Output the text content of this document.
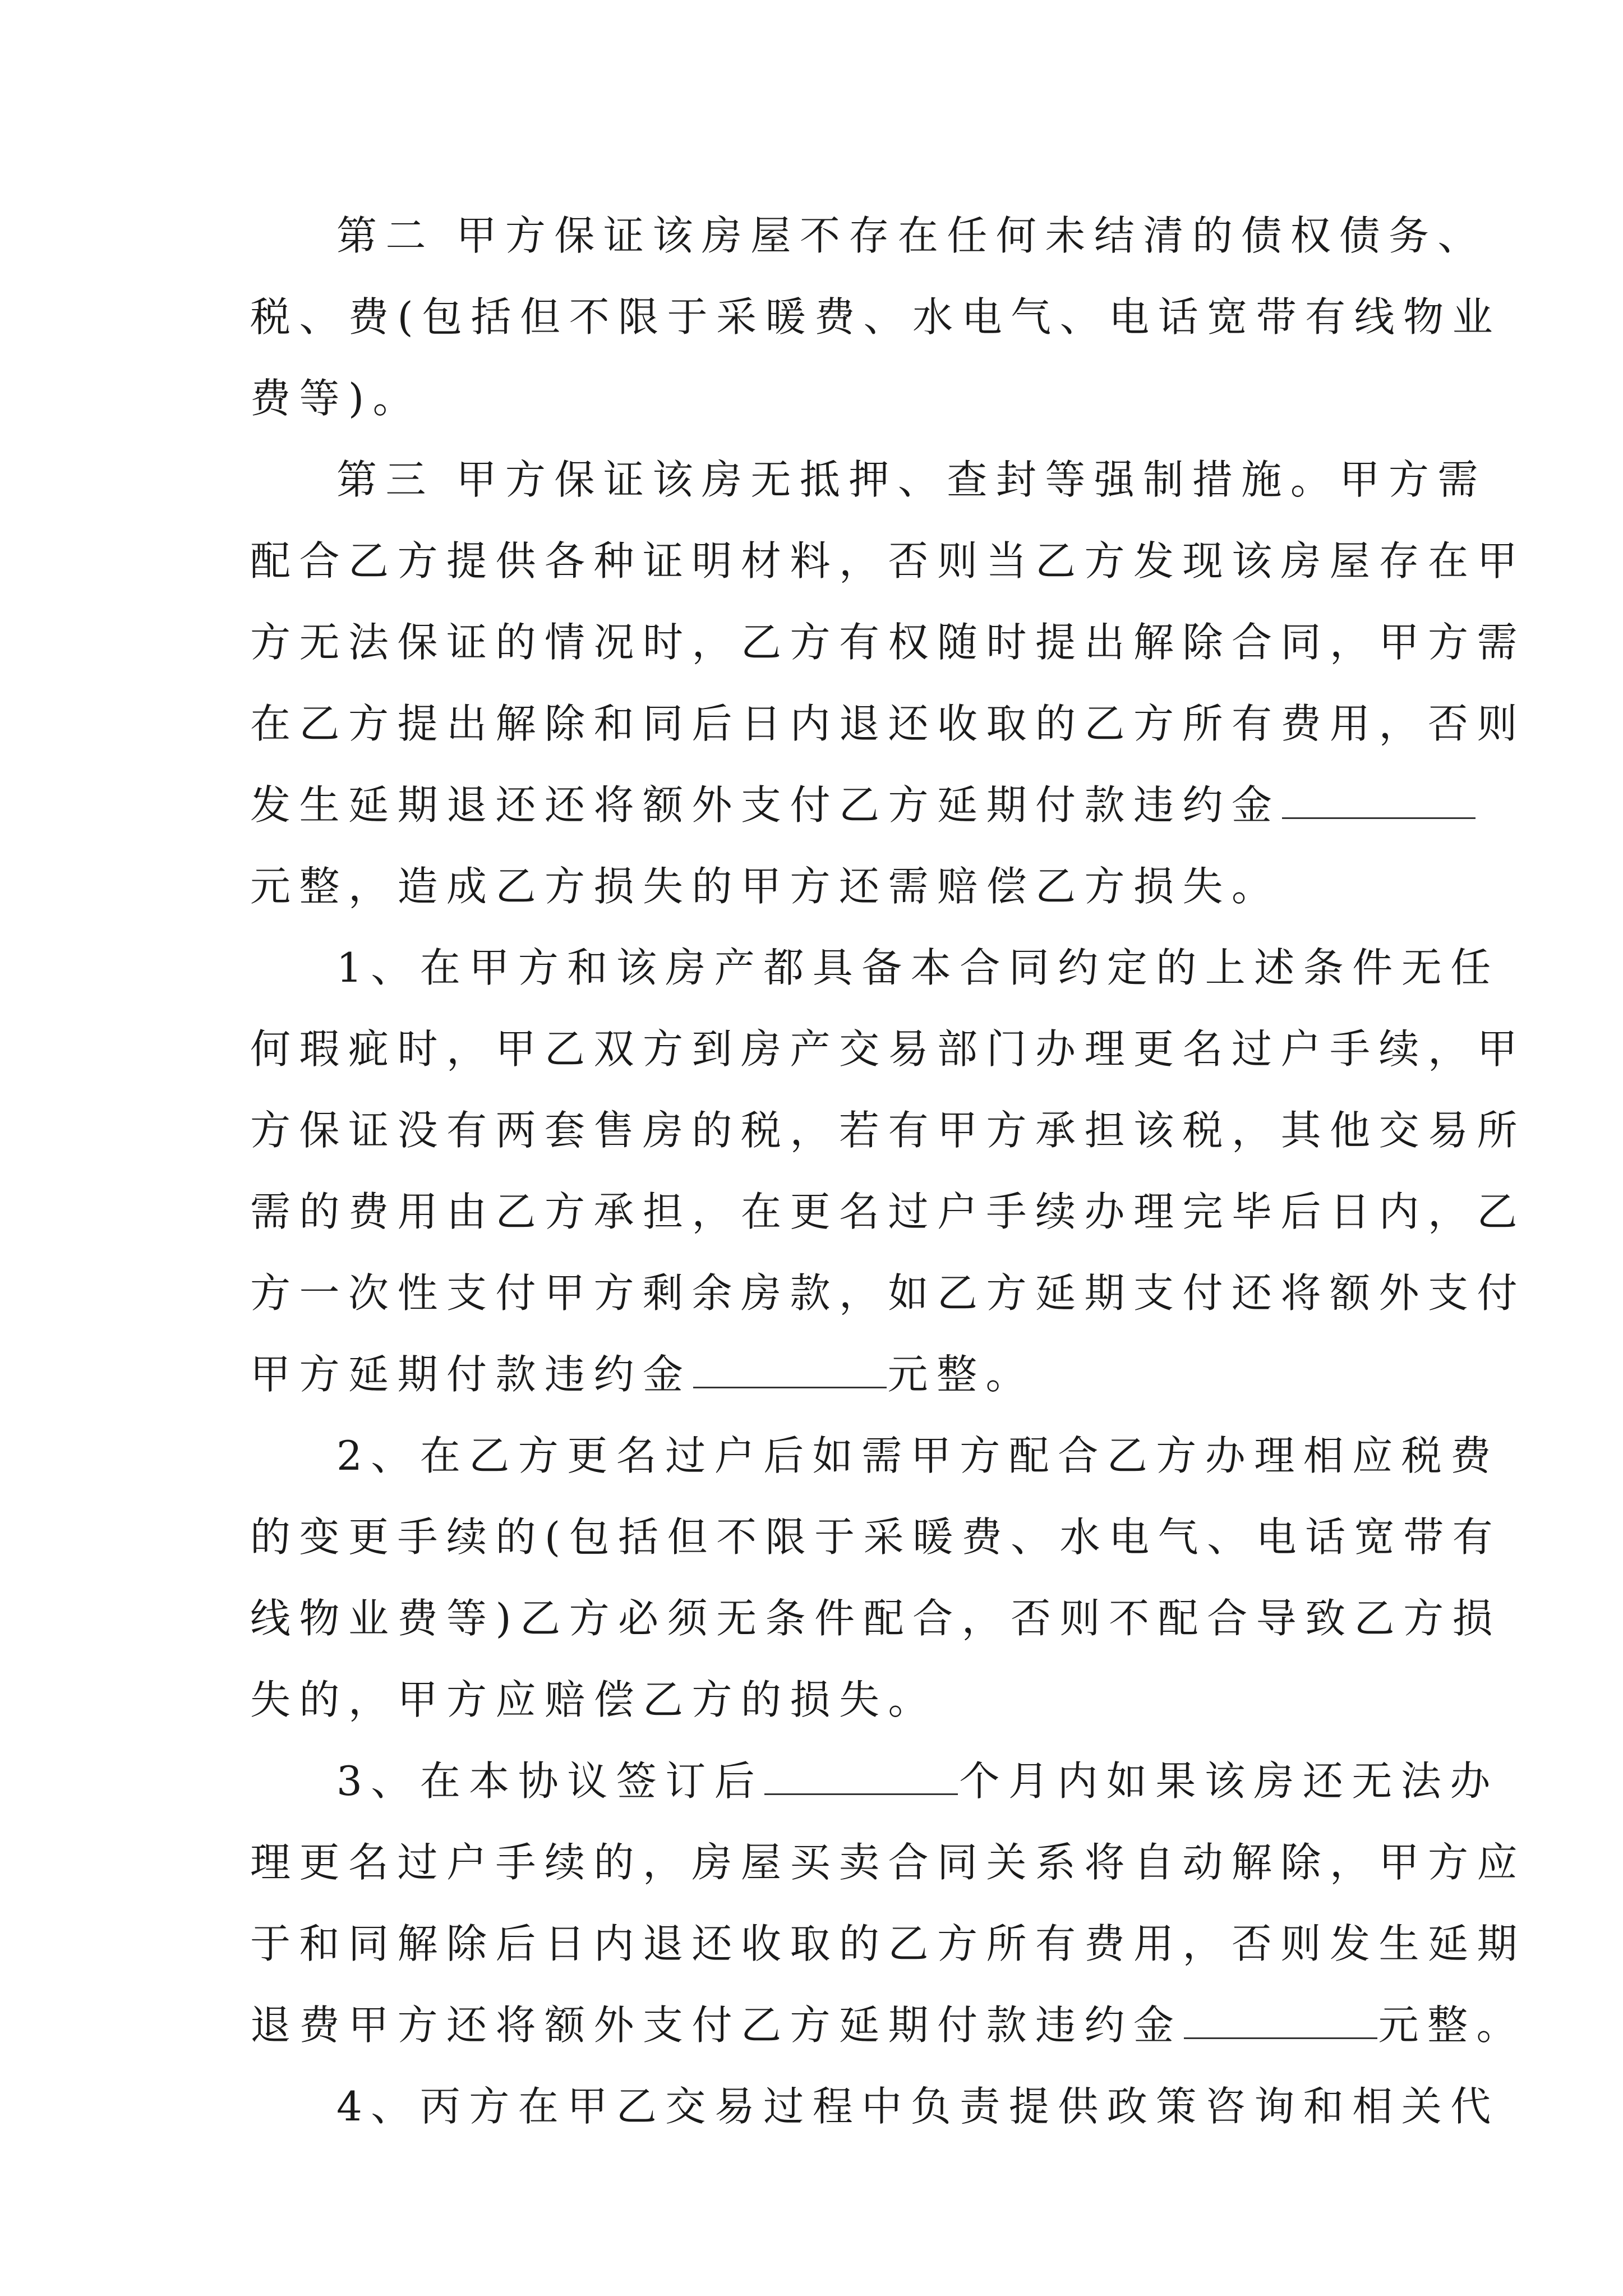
第二 甲方保证该房屋不存在任何未结清的债权债务、
税、费(包括但不限于采暖费、水电气、电话宽带有线物业
费等)。
第三 甲方保证该房无抵押、查封等强制措施。甲方需
配合乙方提供各种证明材料，否则当乙方发现该房屋存在甲
方无法保证的情况时，乙方有权随时提出解除合同，甲方需
在乙方提出解除和同后日内退还收取的乙方所有费用，否则
发生延期退还还将额外支付乙方延期付款违约金
元整，造成乙方损失的甲方还需赔偿乙方损失。
1、在甲方和该房产都具备本合同约定的上述条件无任
何瑕疵时，甲乙双方到房产交易部门办理更名过户手续，甲
方保证没有两套售房的税，若有甲方承担该税，其他交易所
需的费用由乙方承担，在更名过户手续办理完毕后日内，乙
方一次性支付甲方剩余房款，如乙方延期支付还将额外支付
甲方延期付款违约金	元整。
2、在乙方更名过户后如需甲方配合乙方办理相应税费
的变更手续的(包括但不限于采暖费、水电气、电话宽带有
线物业费等)乙方必须无条件配合，否则不配合导致乙方损
失的，甲方应赔偿乙方的损失。
3、在本协议签订后	个月内如果该房还无法办
理更名过户手续的，房屋买卖合同关系将自动解除，甲方应
于和同解除后日内退还收取的乙方所有费用，否则发生延期
退费甲方还将额外支付乙方延期付款违约金	元整。
4、丙方在甲乙交易过程中负责提供政策咨询和相关代
